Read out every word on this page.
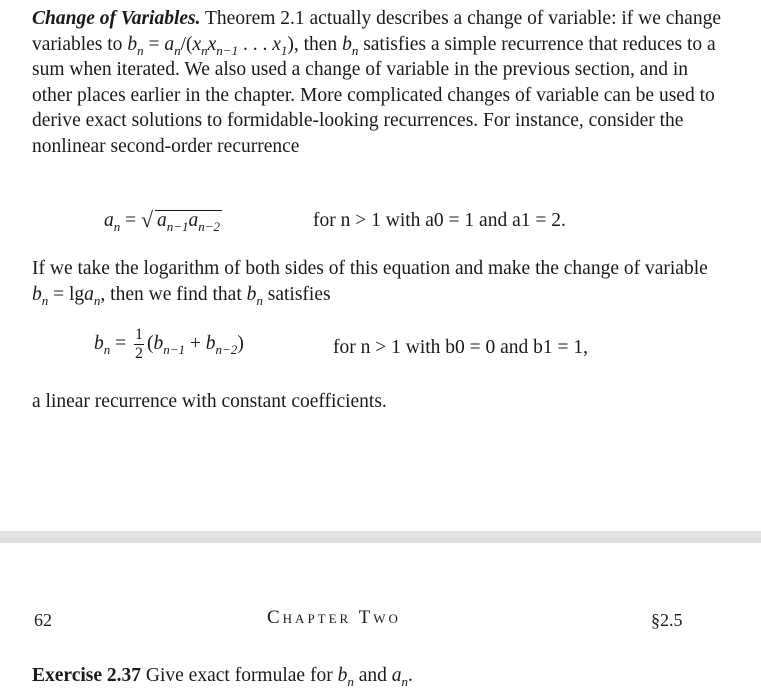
Change of Variables. Theorem 2.1 actually describes a change of variable: if we change variables to $b_n = a_n/(x_nx_{n-1}$ . . . $x_1$), then $b_n$ satisfies a simple recurrence that reduces to a sum when iterated. We also used a change of variable in the previous section, and in other places earlier in the chapter. More complicated changes of variable can be used to derive exact solutions to formidable-looking recurrences. For instance, consider the nonlinear second-order recurrence

$a_n$ = √ $a_{n-1}a_{n-2}$	for n > 1 with a0 = 1 and a1 = 2.

If we take the logarithm of both sides of this equation and make the change of variable $b_n = \lg a_n$, then we find that $b_n$ satisfies

$b_n = \frac{1}{2} (b_{n-1} + b_{n-2})$	for n > 1 with b0 = 0 and b1 = 1,

a linear recurrence with constant coefficients.

62	Chapter Two	§2.5
Exercise 2.37 Give exact formulae for $b_n$ and $a_n$.
